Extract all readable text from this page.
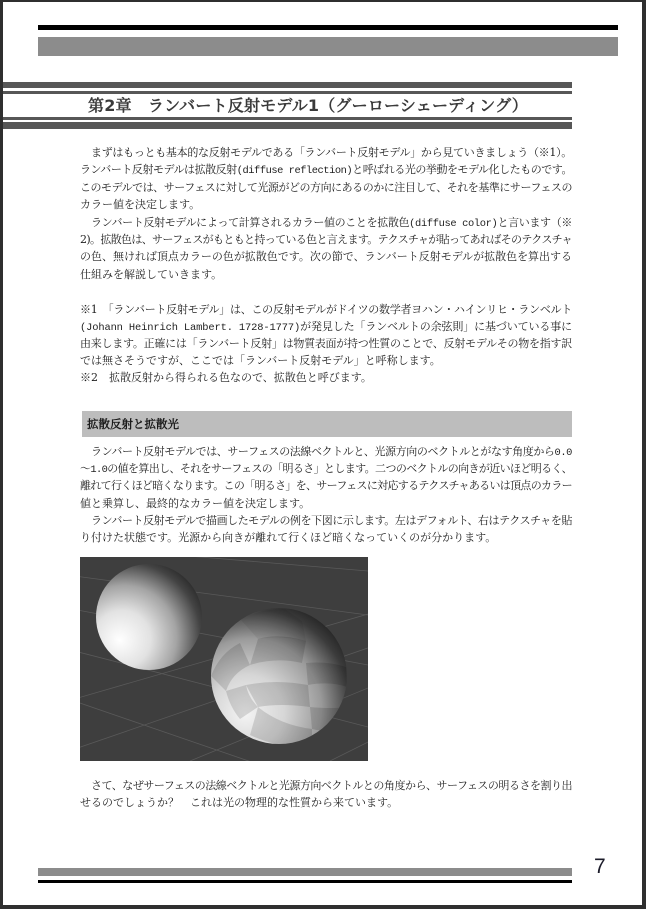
第2章　ランバート反射モデル1（グーローシェーディング）
まずはもっとも基本的な反射モデルである「ランバート反射モデル」から見ていきましょう（※1）。
ランバート反射モデルは拡散反射(diffuse reflection)と呼ばれる光の挙動をモデル化したものです。
このモデルでは、サーフェスに対して光源がどの方向にあるのかに注目して、それを基準にサーフェスの
カラー値を決定します。
ランバート反射モデルによって計算されるカラー値のことを拡散色(diffuse color)と言います（※
2)。拡散色は、サーフェスがもともと持っている色と言えます。テクスチャが貼ってあればそのテクスチャ
の色、無ければ頂点カラーの色が拡散色です。次の節で、ランバート反射モデルが拡散色を算出する
仕組みを解説していきます。
※1　「ランバート反射モデル」は、この反射モデルがドイツの数学者ヨハン・ハインリヒ・ランベルト
(Johann Heinrich Lambert. 1728-1777)が発見した「ランベルトの余弦則」に基づいている事に
由来します。正確には「ランバート反射」は物質表面が持つ性質のことで、反射モデルその物を指す訳
では無さそうですが、ここでは「ランバート反射モデル」と呼称します。
※2　拡散反射から得られる色なので、拡散色と呼びます。
拡散反射と拡散光
ランバート反射モデルでは、サーフェスの法線ベクトルと、光源方向のベクトルとがなす角度から0.0
～1.0の値を算出し、それをサーフェスの「明るさ」とします。二つのベクトルの向きが近いほど明るく、
離れて行くほど暗くなります。この「明るさ」を、サーフェスに対応するテクスチャあるいは頂点のカラー
値と乗算し、最終的なカラー値を決定します。
ランバート反射モデルで描画したモデルの例を下図に示します。左はデフォルト、右はテクスチャを貼
り付けた状態です。光源から向きが離れて行くほど暗くなっていくのが分かります。
さて、なぜサーフェスの法線ベクトルと光源方向ベクトルとの角度から、サーフェスの明るさを割り出
せるのでしょうか？　これは光の物理的な性質から来ています。
7
